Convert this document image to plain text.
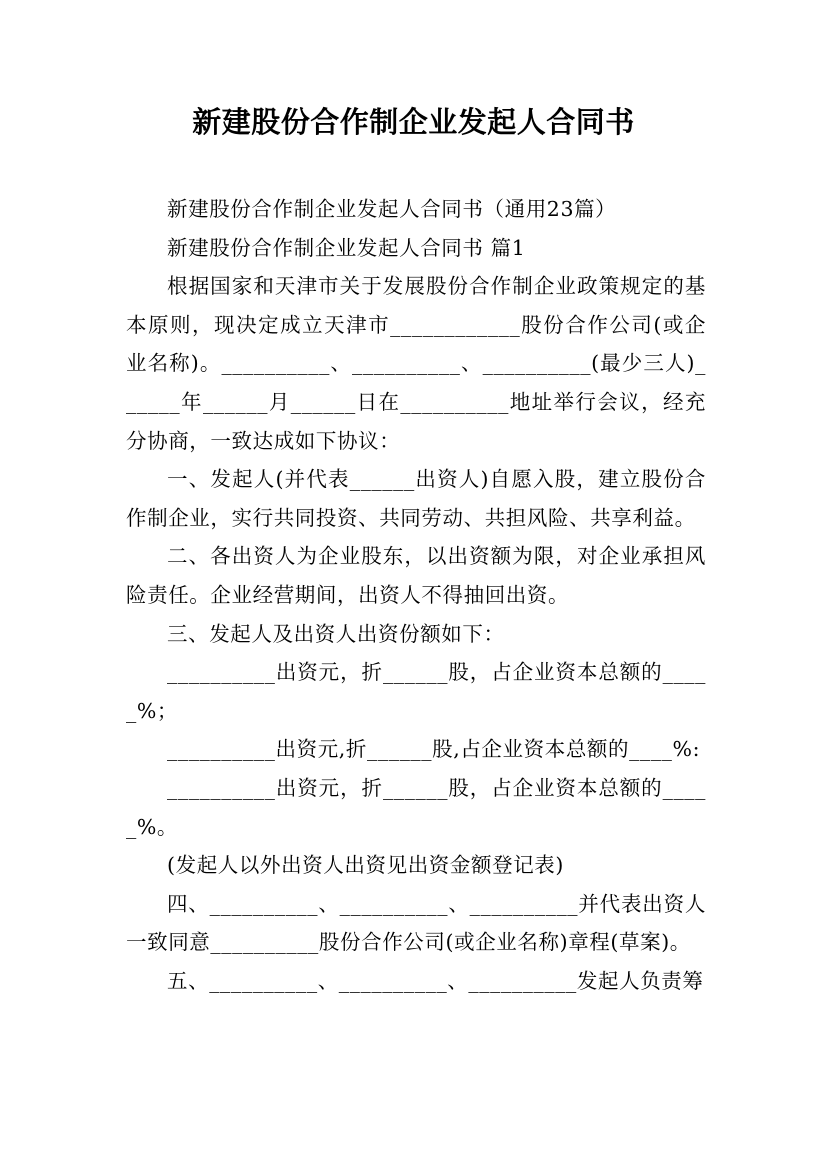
新建股份合作制企业发起人合同书

新建股份合作制企业发起人合同书（通用23篇）

新建股份合作制企业发起人合同书 篇1

根据国家和天津市关于发展股份合作制企业政策规定的基本原则，现决定成立天津市____________股份合作公司(或企业名称)。__________、__________、__________(最少三人)______年______月______日在__________地址举行会议，经充分协商，一致达成如下协议：

一、发起人(并代表______出资人)自愿入股，建立股份合作制企业，实行共同投资、共同劳动、共担风险、共享利益。

二、各出资人为企业股东，以出资额为限，对企业承担风险责任。企业经营期间，出资人不得抽回出资。

三、发起人及出资人出资份额如下：

__________出资元，折______股，占企业资本总额的_____%；

__________出资元,折______股,占企业资本总额的____%:

__________出资元，折______股，占企业资本总额的_____%。

(发起人以外出资人出资见出资金额登记表)

四、__________、__________、__________并代表出资人一致同意__________股份合作公司(或企业名称)章程(草案)。

五、__________、__________、__________发起人负责筹
